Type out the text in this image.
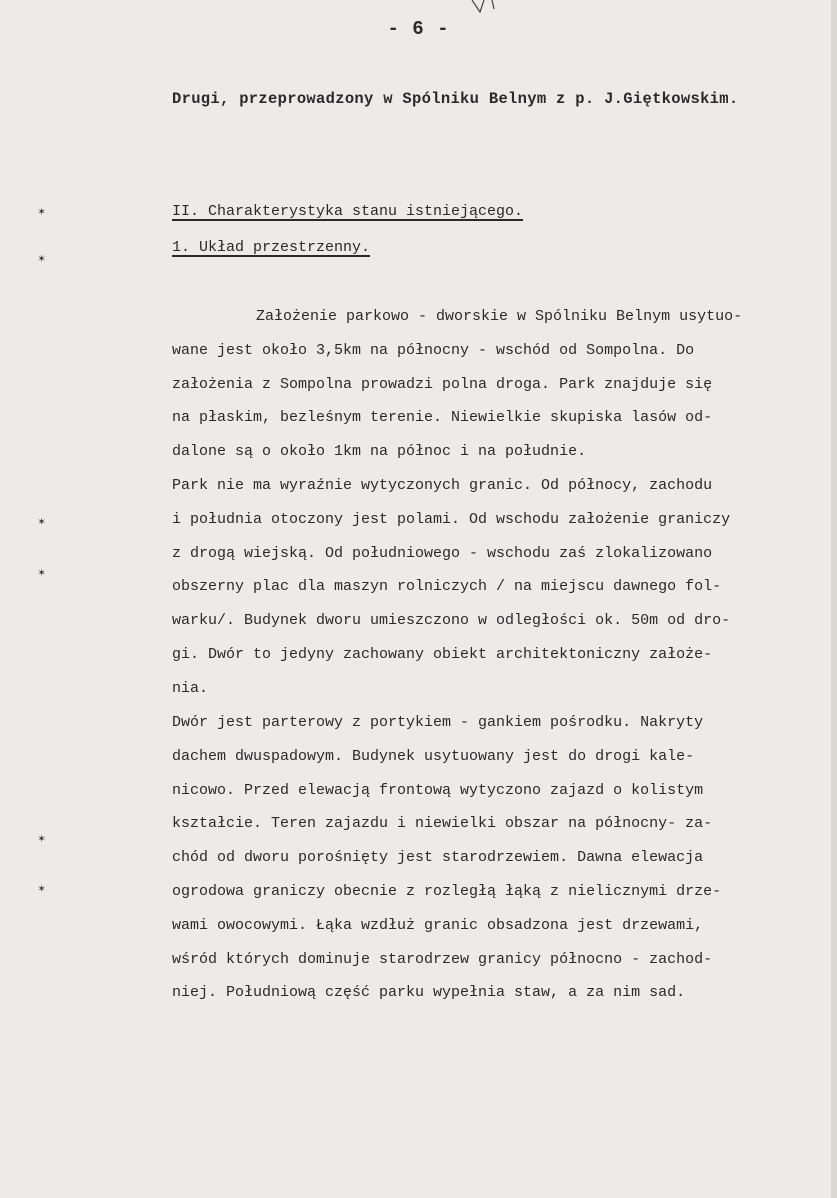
- 6 -
Drugi, przeprowadzony w Spólniku Belnym z p. J.Giętkowskim.
II. Charakterystyka stanu istniejącego.
1. Układ przestrzenny.
Założenie parkowo - dworskie w Spólniku Belnym usytuo-
wane jest około 3,5km na północny - wschód od Sompolna. Do
założenia z Sompolna prowadzi polna droga. Park znajduje się
na płaskim, bezleśnym terenie. Niewielkie skupiska lasów od-
dalone są o około 1km na północ i na południe.
Park nie ma wyraźnie wytyczonych granic. Od północy, zachodu
i południa otoczony jest polami. Od wschodu założenie graniczy
z drogą wiejską. Od południowego - wschodu zaś zlokalizowano
obszerny plac dla maszyn rolniczych / na miejscu dawnego fol-
warku/. Budynek dworu umieszczono w odległości ok. 50m od dro-
gi. Dwór to jedyny zachowany obiekt architektoniczny założe-
nia.
Dwór jest parterowy z portykiem - gankiem pośrodku. Nakryty
dachem dwuspadowym. Budynek usytuowany jest do drogi kale-
nicowo. Przed elewacją frontową wytyczono zajazd o kolistym
kształcie. Teren zajazdu i niewielki obszar na północny- za-
chód od dworu porośnięty jest starodrzewiem. Dawna elewacja
ogrodowa graniczy obecnie z rozległą łąką z nielicznymi drze-
wami owocowymi. Łąka wzdłuż granic obsadzona jest drzewami,
wśród których dominuje starodrzew granicy północno - zachod-
niej. Południową część parku wypełnia staw, a za nim sad.
✶
✶
✶
✶
✶
✶
